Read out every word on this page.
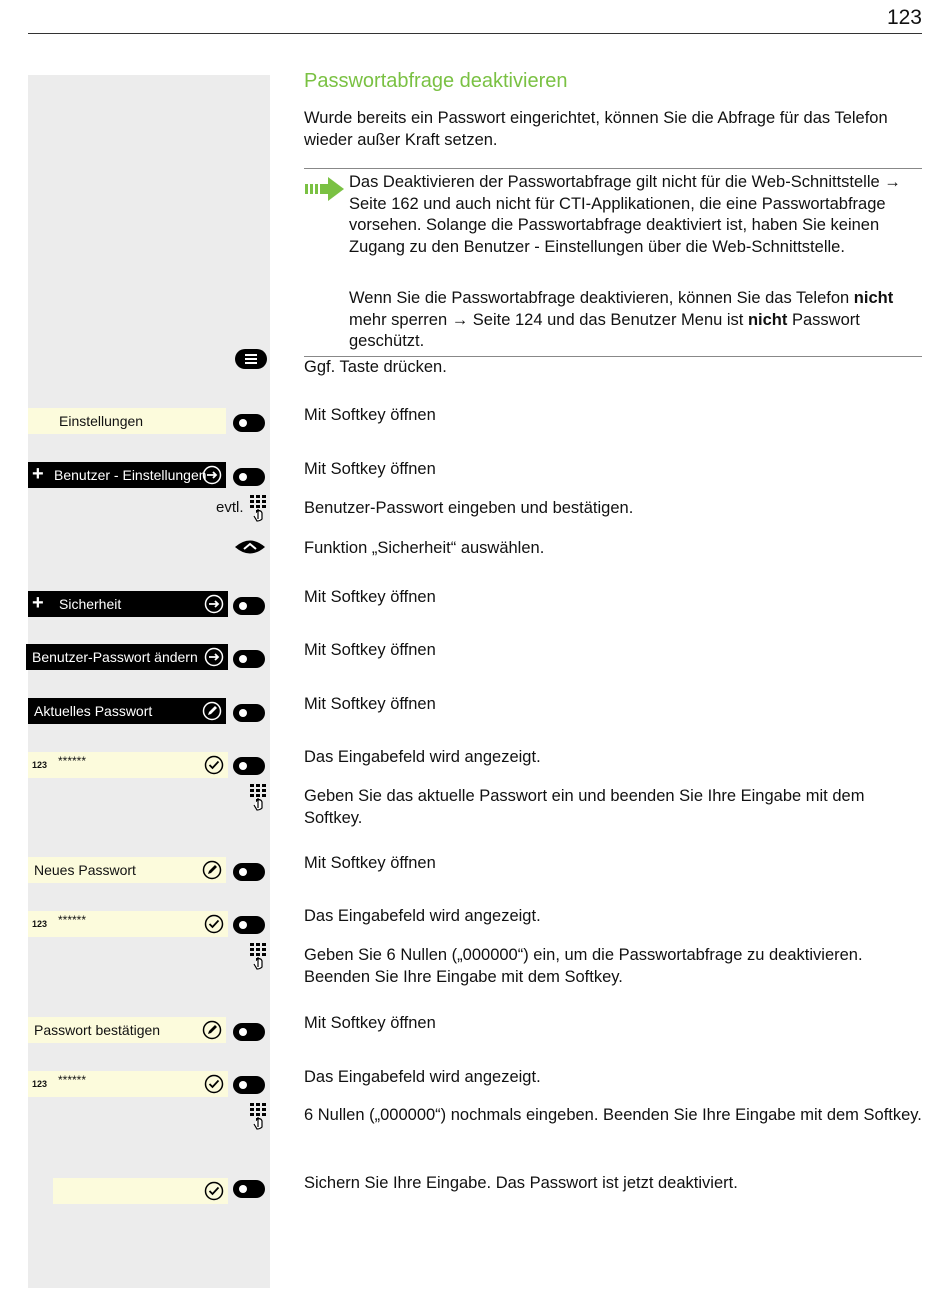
123
Passwortabfrage deaktivieren
Wurde bereits ein Passwort eingerichtet, können Sie die Abfrage für das Telefon wieder außer Kraft setzen.
Das Deaktivieren der Passwortabfrage gilt nicht für die Web-Schnittstelle → Seite 162 und auch nicht für CTI-Applikationen, die eine Passwortabfrage vorsehen. Solange die Passwortabfrage deaktiviert ist, haben Sie keinen Zugang zu den Benutzer - Einstellungen über die Web-Schnittstelle.
Wenn Sie die Passwortabfrage deaktivieren, können Sie das Telefon nicht mehr sperren → Seite 124 und das Benutzer Menu ist nicht Passwort geschützt.
Ggf. Taste drücken.
Mit Softkey öffnen
Mit Softkey öffnen
Benutzer-Passwort eingeben und bestätigen.
Funktion „Sicherheit“ auswählen.
Mit Softkey öffnen
Mit Softkey öffnen
Mit Softkey öffnen
Das Eingabefeld wird angezeigt.
Geben Sie das aktuelle Passwort ein und beenden Sie Ihre Eingabe mit dem Softkey.
Mit Softkey öffnen
Das Eingabefeld wird angezeigt.
Geben Sie 6 Nullen („000000“) ein, um die Passwortabfrage zu deaktivieren. Beenden Sie Ihre Eingabe mit dem Softkey.
Mit Softkey öffnen
Das Eingabefeld wird angezeigt.
6 Nullen („000000“) nochmals eingeben. Beenden Sie Ihre Eingabe mit dem Softkey.
Sichern Sie Ihre Eingabe. Das Passwort ist jetzt deaktiviert.
Einstellungen
+ Benutzer - Einstellungen
evtl.
+ Sicherheit
Benutzer-Passwort ändern
Aktuelles Passwort
123 ******
Neues Passwort
123 ******
Passwort bestätigen
123 ******
